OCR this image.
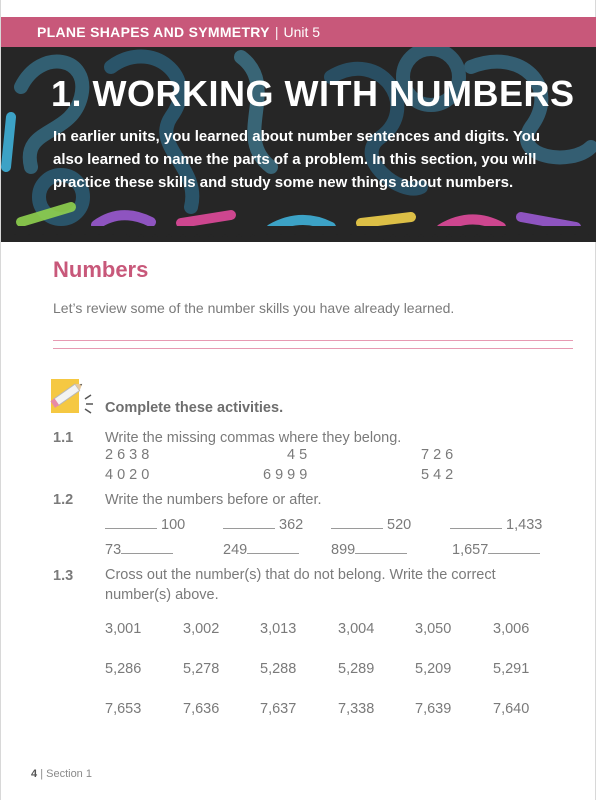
PLANE SHAPES AND SYMMETRY | Unit 5
1. WORKING WITH NUMBERS
In earlier units, you learned about number sentences and digits. You also learned to name the parts of a problem. In this section, you will practice these skills and study some new things about numbers.
Numbers
Let’s review some of the number skills you have already learned.
Complete these activities.
1.1 Write the missing commas where they belong.
2638	45	726
4020	6999	542
1.2 Write the numbers before or after.
100	362	520	1,433
73	249	899	1,657
1.3 Cross out the number(s) that do not belong. Write the correct number(s) above.
3,001	3,002	3,013	3,004	3,050	3,006
5,286	5,278	5,288	5,289	5,209	5,291
7,653	7,636	7,637	7,338	7,639	7,640
4 | Section 1
